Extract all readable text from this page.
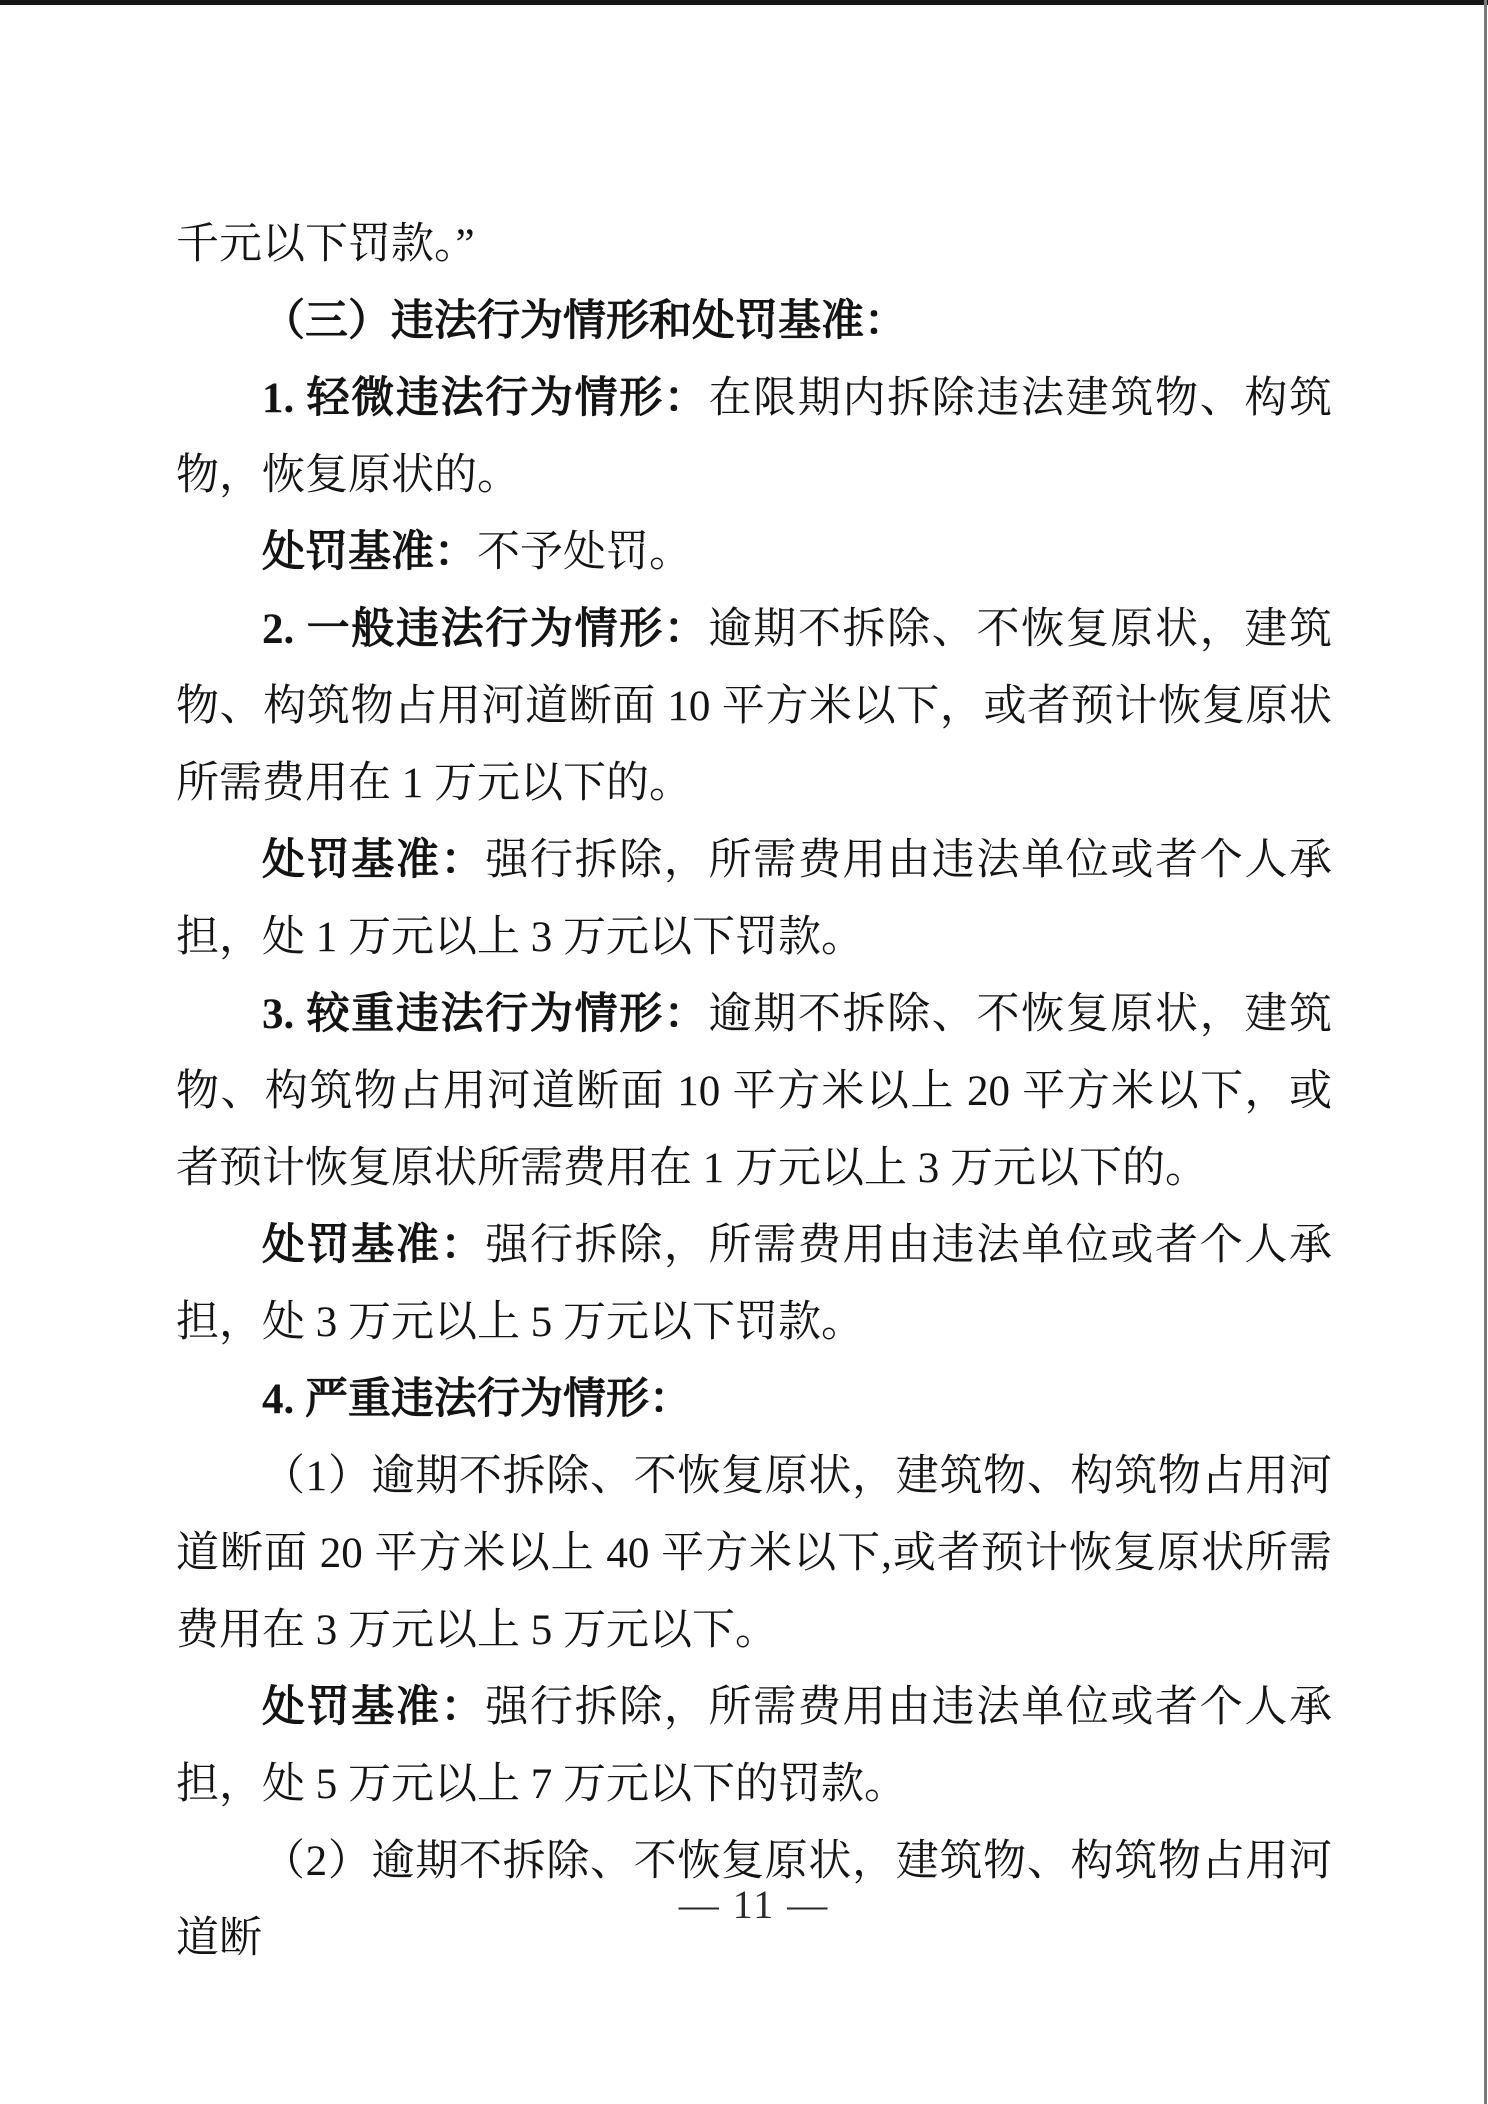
千元以下罚款。”

（三）违法行为情形和处罚基准：

1. 轻微违法行为情形：在限期内拆除违法建筑物、构筑物，恢复原状的。

处罚基准：不予处罚。

2. 一般违法行为情形：逾期不拆除、不恢复原状，建筑物、构筑物占用河道断面 10 平方米以下，或者预计恢复原状所需费用在 1 万元以下的。

处罚基准：强行拆除，所需费用由违法单位或者个人承担，处 1 万元以上 3 万元以下罚款。

3. 较重违法行为情形：逾期不拆除、不恢复原状，建筑物、构筑物占用河道断面 10 平方米以上 20 平方米以下，或者预计恢复原状所需费用在 1 万元以上 3 万元以下的。

处罚基准：强行拆除，所需费用由违法单位或者个人承担，处 3 万元以上 5 万元以下罚款。

4. 严重违法行为情形：

（1）逾期不拆除、不恢复原状，建筑物、构筑物占用河道断面 20 平方米以上 40 平方米以下,或者预计恢复原状所需费用在 3 万元以上 5 万元以下。

处罚基准：强行拆除，所需费用由违法单位或者个人承担，处 5 万元以上 7 万元以下的罚款。

（2）逾期不拆除、不恢复原状，建筑物、构筑物占用河道断

— 11 —
